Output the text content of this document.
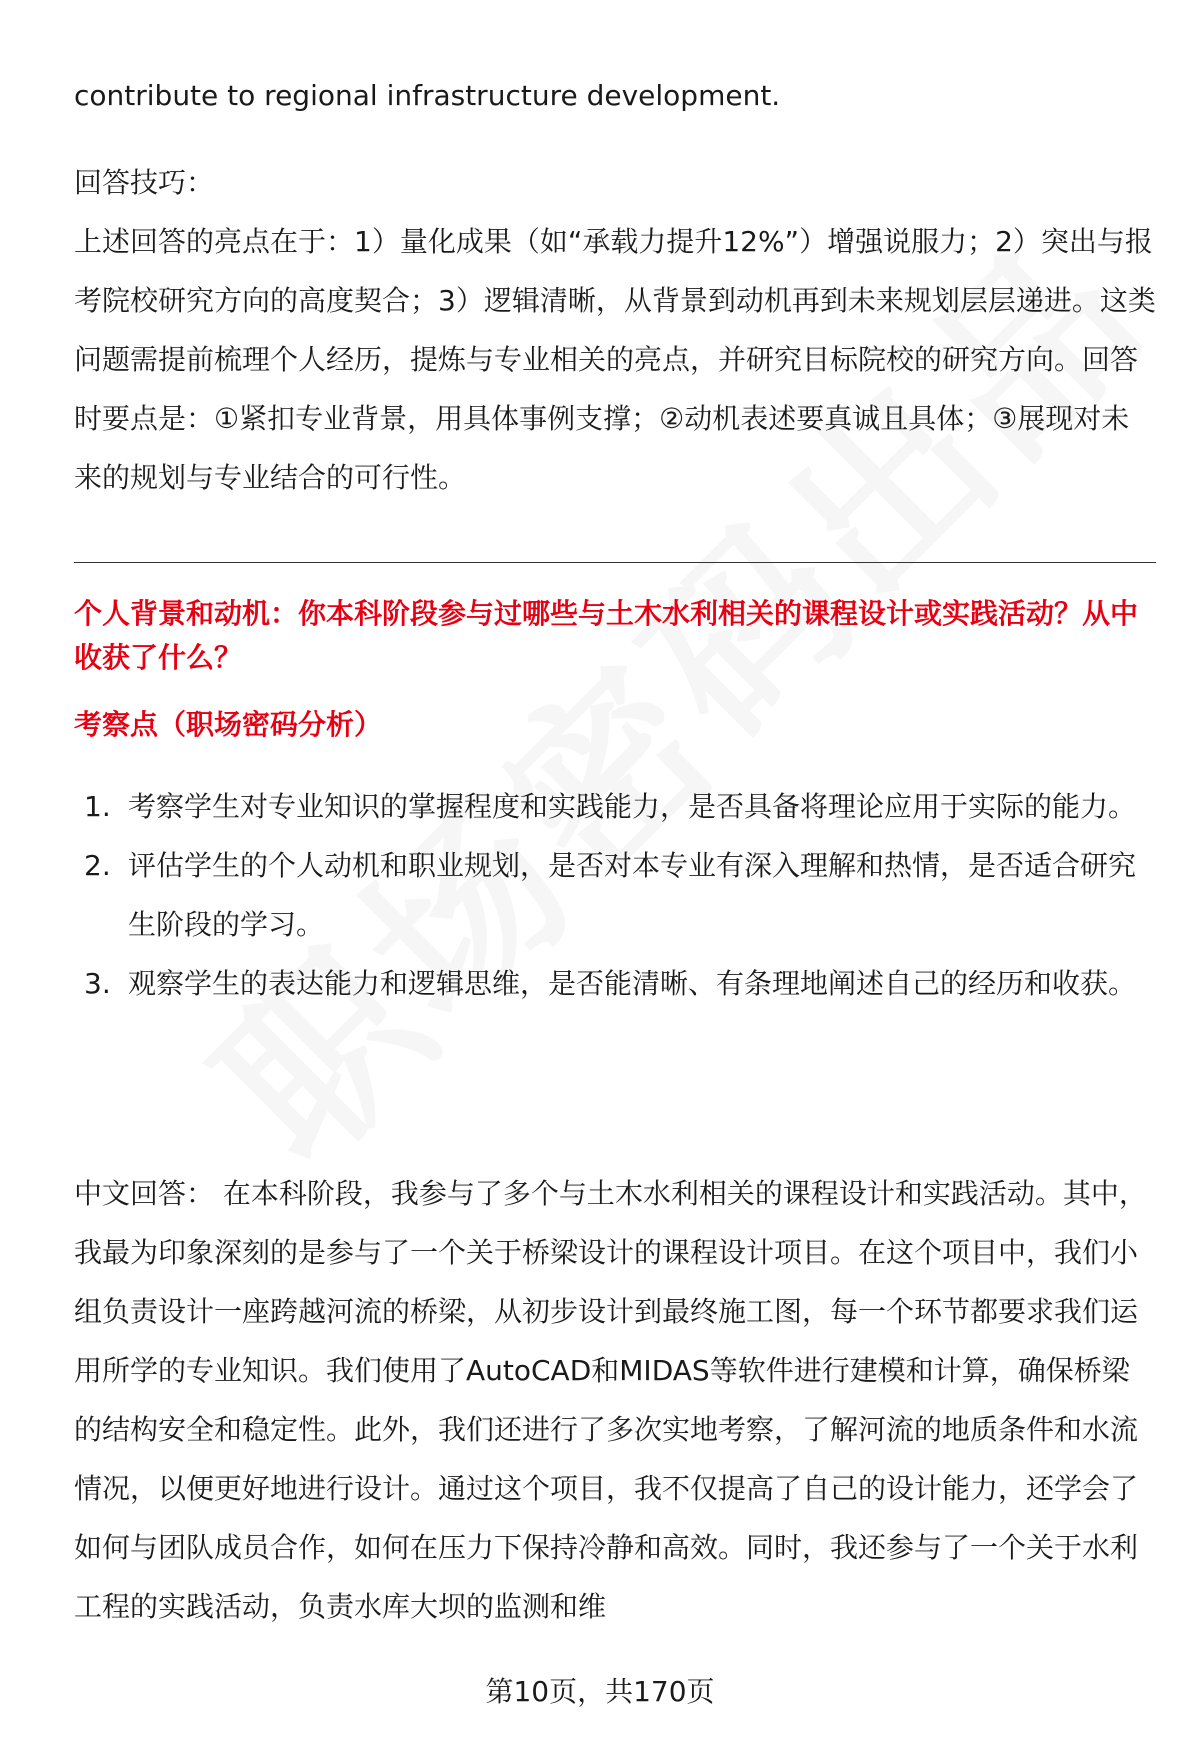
contribute to regional infrastructure development.

回答技巧：

上述回答的亮点在于：1）量化成果（如“承载力提升12%”）增强说服力；2）突出与报考院校研究方向的高度契合；3）逻辑清晰，从背景到动机再到未来规划层层递进。这类问题需提前梳理个人经历，提炼与专业相关的亮点，并研究目标院校的研究方向。回答时要点是：①紧扣专业背景，用具体事例支撑；②动机表述要真诚且具体；③展现对未来的规划与专业结合的可行性。

个人背景和动机：你本科阶段参与过哪些与土木水利相关的课程设计或实践活动？从中收获了什么？

考察点（职场密码分析）

1. 考察学生对专业知识的掌握程度和实践能力，是否具备将理论应用于实际的能力。
2. 评估学生的个人动机和职业规划，是否对本专业有深入理解和热情，是否适合研究生阶段的学习。
3. 观察学生的表达能力和逻辑思维，是否能清晰、有条理地阐述自己的经历和收获。

中文回答： 在本科阶段，我参与了多个与土木水利相关的课程设计和实践活动。其中，我最为印象深刻的是参与了一个关于桥梁设计的课程设计项目。在这个项目中，我们小组负责设计一座跨越河流的桥梁，从初步设计到最终施工图，每一个环节都要求我们运用所学的专业知识。我们使用了AutoCAD和MIDAS等软件进行建模和计算，确保桥梁的结构安全和稳定性。此外，我们还进行了多次实地考察，了解河流的地质条件和水流情况，以便更好地进行设计。通过这个项目，我不仅提高了自己的设计能力，还学会了如何与团队成员合作，如何在压力下保持冷静和高效。同时，我还参与了一个关于水利工程的实践活动，负责水库大坝的监测和维

第10页，共170页
